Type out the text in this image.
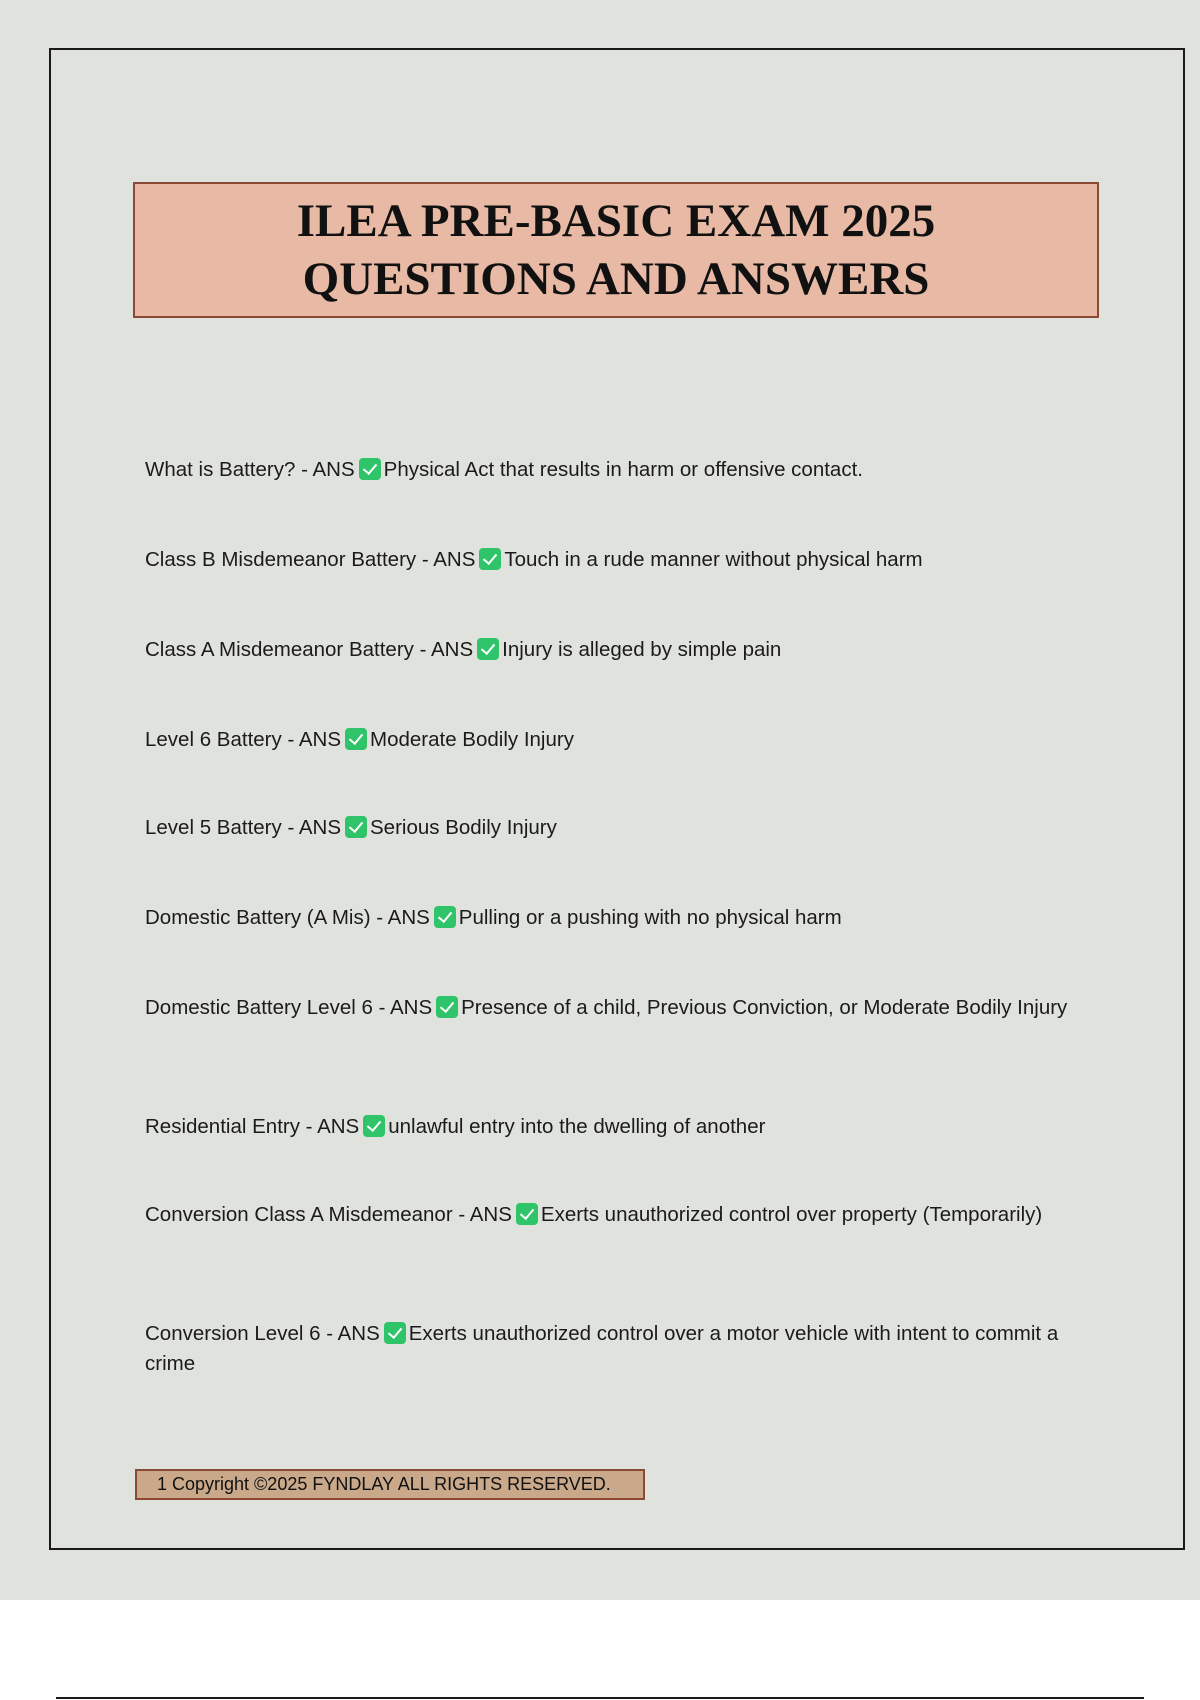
ILEA PRE-BASIC EXAM 2025
QUESTIONS AND ANSWERS
What is Battery? - ANS Physical Act that results in harm or offensive contact.
Class B Misdemeanor Battery - ANS Touch in a rude manner without physical harm
Class A Misdemeanor Battery - ANS Injury is alleged by simple pain
Level 6 Battery - ANS Moderate Bodily Injury
Level 5 Battery - ANS Serious Bodily Injury
Domestic Battery (A Mis) - ANS Pulling or a pushing with no physical harm
Domestic Battery Level 6 - ANS Presence of a child, Previous Conviction, or Moderate Bodily Injury
Residential Entry - ANS unlawful entry into the dwelling of another
Conversion Class A Misdemeanor - ANS Exerts unauthorized control over property (Temporarily)
Conversion Level 6 - ANS Exerts unauthorized control over a motor vehicle with intent to commit a crime
1 Copyright ©2025 FYNDLAY ALL RIGHTS RESERVED.
